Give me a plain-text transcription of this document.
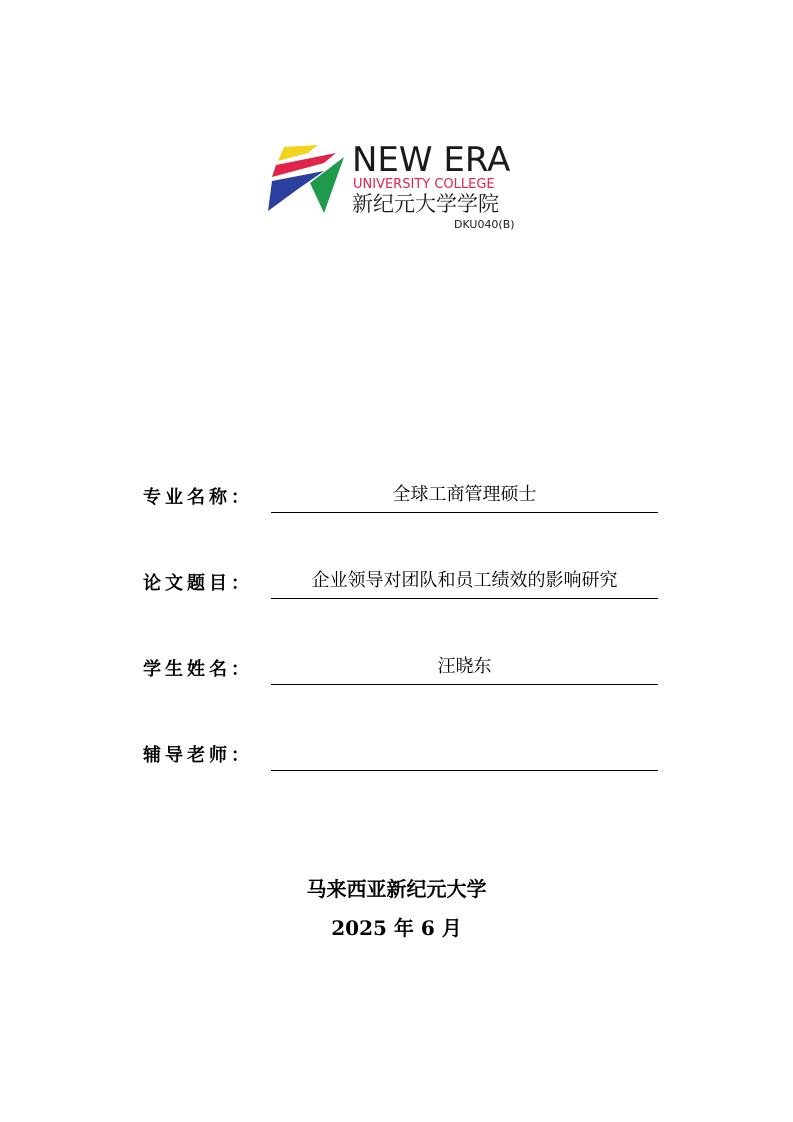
NEW ERA
UNIVERSITY COLLEGE
新纪元大学学院
DKU040(B)
专业名称：	全球工商管理硕士
论文题目：	企业领导对团队和员工绩效的影响研究
学生姓名：	汪晓东
辅导老师：
马来西亚新纪元大学
2025 年 6 月
